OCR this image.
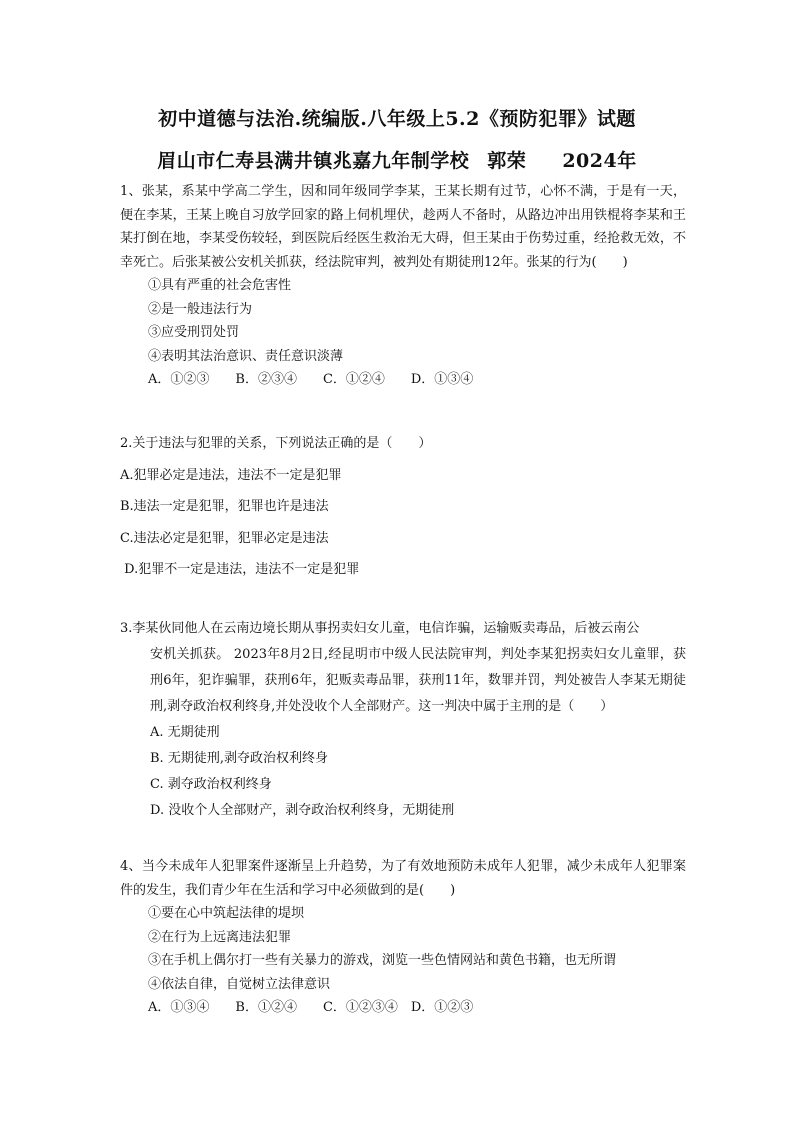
初中道德与法治.统编版.八年级上5.2《预防犯罪》试题
眉山市仁寿县满井镇兆嘉九年制学校 郭荣 2024年

1、张某，系某中学高二学生，因和同年级同学李某，王某长期有过节，心怀不满，于是有一天，便在李某，王某上晚自习放学回家的路上伺机埋伏，趁两人不备时，从路边冲出用铁棍将李某和王某打倒在地，李某受伤较轻，到医院后经医生救治无大碍，但王某由于伤势过重，经抢救无效，不幸死亡。后张某被公安机关抓获，经法院审判，被判处有期徒刑12年。张某的行为(　　)

①具有严重的社会危害性

②是一般违法行为

③应受刑罚处罚

④表明其法治意识、责任意识淡薄

A．①②③　　B．②③④　　C．①②④　　D．①③④

2.关于违法与犯罪的关系，下列说法正确的是（　　）

A.犯罪必定是违法，违法不一定是犯罪

B.违法一定是犯罪，犯罪也许是违法

C.违法必定是犯罪，犯罪必定是违法

D.犯罪不一定是违法，违法不一定是犯罪

3.李某伙同他人在云南边境长期从事拐卖妇女儿童，电信诈骗，运输贩卖毒品，后被云南公

安机关抓获。 2023年8月2日,经昆明市中级人民法院审判，判处李某犯拐卖妇女儿童罪，获刑6年，犯诈骗罪，获刑6年，犯贩卖毒品罪，获刑11年，数罪并罚，判处被告人李某无期徒刑,剥夺政治权利终身,并处没收个人全部财产。这一判决中属于主刑的是（　　）

A. 无期徒刑

B. 无期徒刑,剥夺政治权利终身

C. 剥夺政治权利终身

D. 没收个人全部财产，剥夺政治权利终身，无期徒刑

4、当今未成年人犯罪案件逐渐呈上升趋势，为了有效地预防未成年人犯罪，减少未成年人犯罪案件的发生，我们青少年在生活和学习中必须做到的是(　　)

①要在心中筑起法律的堤坝

②在行为上远离违法犯罪

③在手机上偶尔打一些有关暴力的游戏，浏览一些色情网站和黄色书籍，也无所谓

④依法自律，自觉树立法律意识

A．①③④　　B．①②④　　C．①②③④　D．①②③
